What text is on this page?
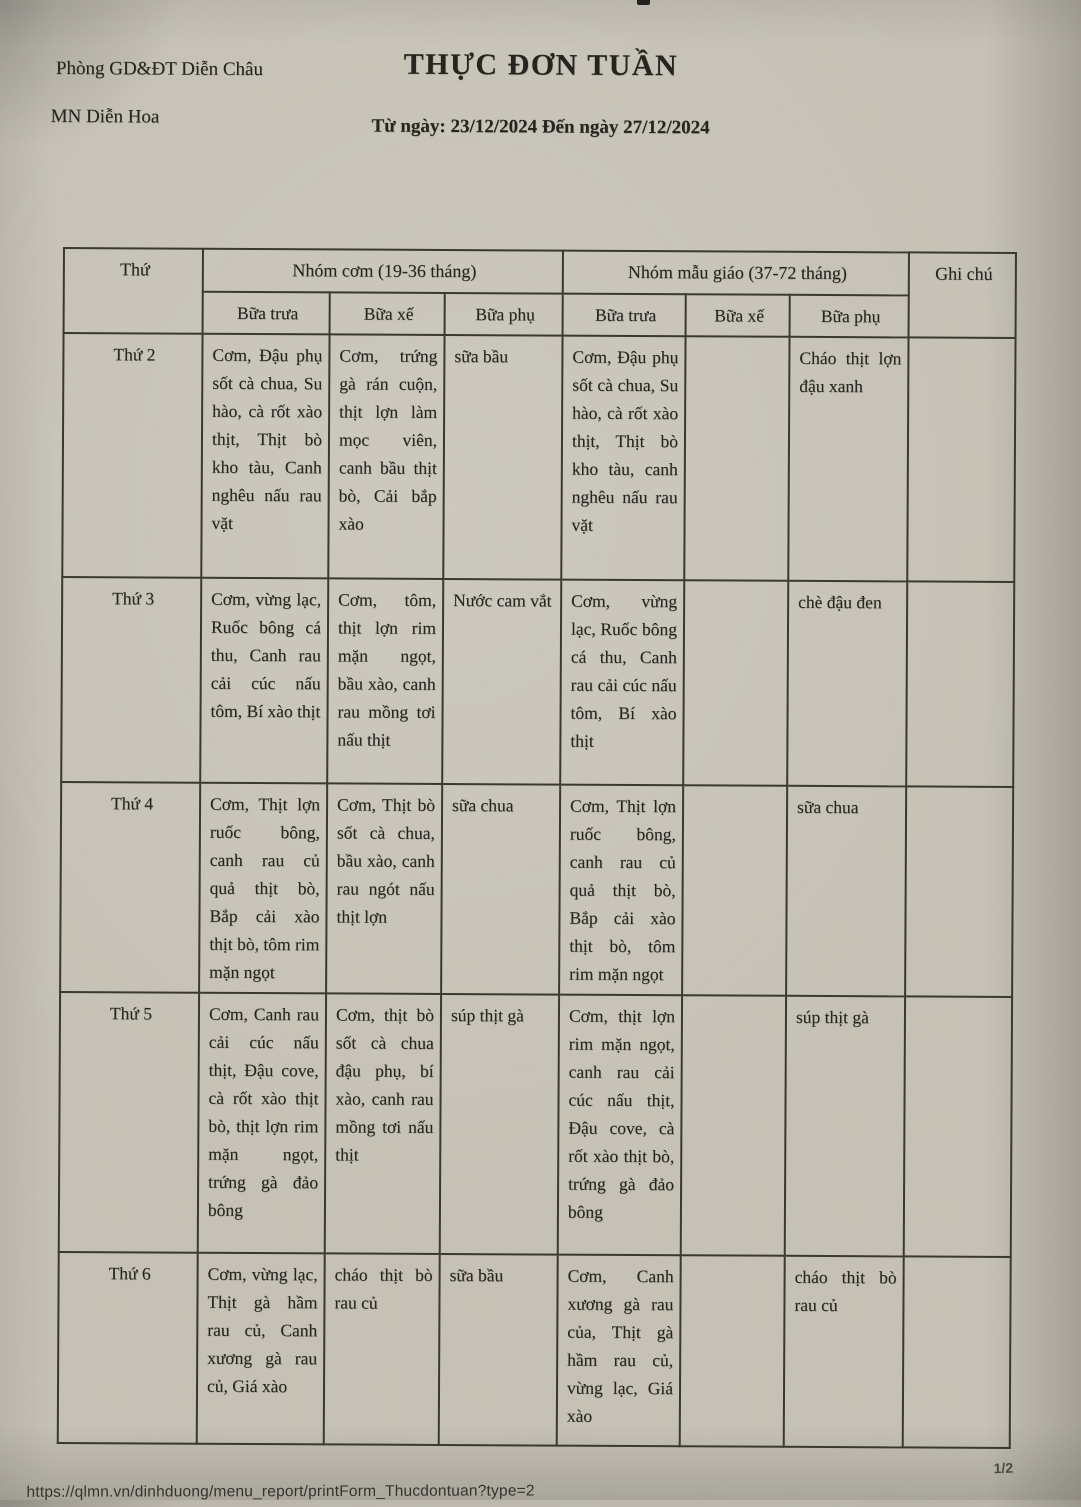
Phòng GD&ĐT Diễn Châu
MN Diễn Hoa
THỰC ĐƠN TUẦN
Từ ngày: 23/12/2024 Đến ngày 27/12/2024
Thứ	Nhóm cơm (19-36 tháng)			Nhóm mẫu giáo (37-72 tháng)			Ghi chú
	Bữa trưa	Bữa xế	Bữa phụ	Bữa trưa	Bữa xế	Bữa phụ	
Thứ 2	Cơm, Đậu phụ sốt cà chua, Su hào, cà rốt xào thịt, Thịt bò kho tàu, Canh nghêu nấu rau vặt	Cơm, trứng gà rán cuộn, thịt lợn làm mọc viên, canh bầu thịt bò, Cải bắp xào	sữa bầu	Cơm, Đậu phụ sốt cà chua, Su hào, cà rốt xào thịt, Thịt bò kho tàu, canh nghêu nấu rau vặt		Cháo thịt lợn đậu xanh	
Thứ 3	Cơm, vừng lạc, Ruốc bông cá thu, Canh rau cải cúc nấu tôm, Bí xào thịt	Cơm, tôm, thịt lợn rim mặn ngọt, bầu xào, canh rau mồng tơi nấu thịt	Nước cam vắt	Cơm, vừng lạc, Ruốc bông cá thu, Canh rau cải cúc nấu tôm, Bí xào thịt		chè đậu đen	
Thứ 4	Cơm, Thịt lợn ruốc bông, canh rau củ quả thịt bò, Bắp cải xào thịt bò, tôm rim mặn ngọt	Cơm, Thịt bò sốt cà chua, bầu xào, canh rau ngót nấu thịt lợn	sữa chua	Cơm, Thịt lợn ruốc bông, canh rau củ quả thịt bò, Bắp cải xào thịt bò, tôm rim mặn ngọt		sữa chua	
Thứ 5	Cơm, Canh rau cải cúc nấu thịt, Đậu cove, cà rốt xào thịt bò, thịt lợn rim mặn ngọt, trứng gà đảo bông	Cơm, thịt bò sốt cà chua đậu phụ, bí xào, canh rau mồng tơi nấu thịt	súp thịt gà	Cơm, thịt lợn rim mặn ngọt, canh rau cải cúc nấu thịt, Đậu cove, cà rốt xào thịt bò, trứng gà đảo bông		súp thịt gà	
Thứ 6	Cơm, vừng lạc, Thịt gà hầm rau củ, Canh xương gà rau củ, Giá xào	cháo thịt bò rau củ	sữa bầu	Cơm, Canh xương gà rau của, Thịt gà hầm rau củ, vừng lạc, Giá xào		cháo thịt bò rau củ	
https://qlmn.vn/dinhduong/menu_report/printForm_Thucdontuan?type=2
1/2
